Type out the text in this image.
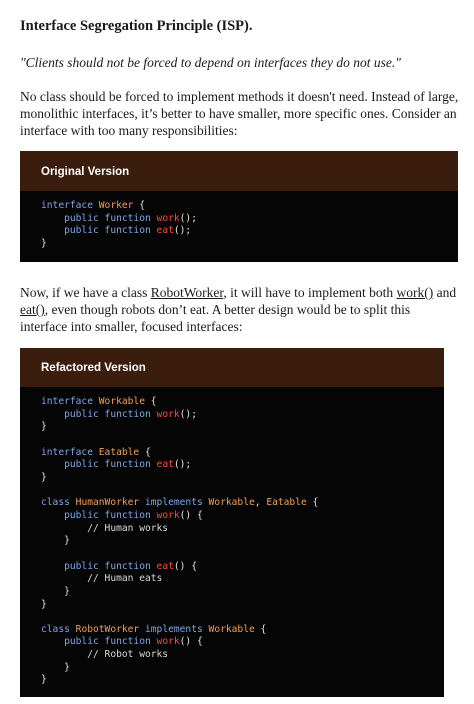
Interface Segregation Principle (ISP).
"Clients should not be forced to depend on interfaces they do not use."
No class should be forced to implement methods it doesn't need. Instead of large, monolithic interfaces, it’s better to have smaller, more specific ones. Consider an interface with too many responsibilities:
Original Version
interface Worker {
public function work();
public function eat();
}
Now, if we have a class RobotWorker, it will have to implement both work() and eat(), even though robots don’t eat. A better design would be to split this interface into smaller, focused interfaces:
Refactored Version
interface Workable {
public function work();
}

interface Eatable {
public function eat();
}

class HumanWorker implements Workable, Eatable {
public function work() {
// Human works
}

public function eat() {
// Human eats
}
}

class RobotWorker implements Workable {
public function work() {
// Robot works
}
}
